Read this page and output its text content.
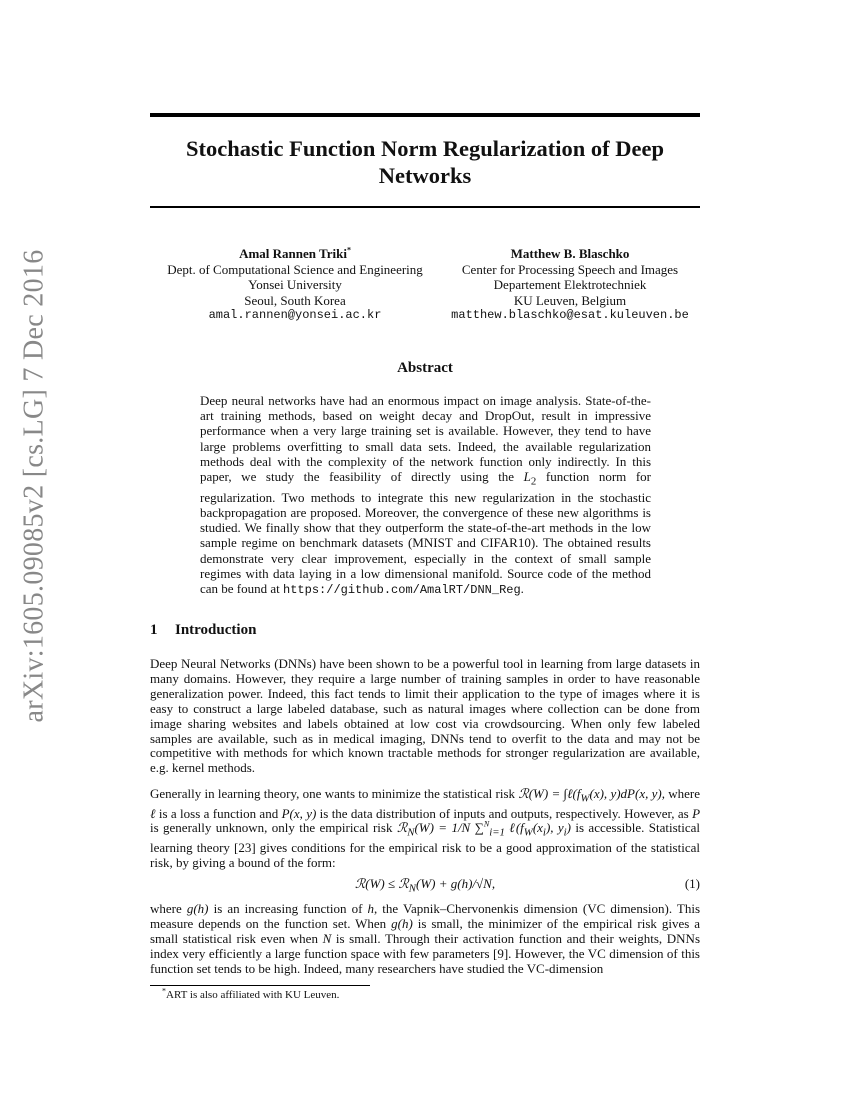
arXiv:1605.09085v2 [cs.LG] 7 Dec 2016
Stochastic Function Norm Regularization of Deep Networks
Amal Rannen Triki*
Dept. of Computational Science and Engineering
Yonsei University
Seoul, South Korea
amal.rannen@yonsei.ac.kr
Matthew B. Blaschko
Center for Processing Speech and Images
Departement Elektrotechniek
KU Leuven, Belgium
matthew.blaschko@esat.kuleuven.be
Abstract
Deep neural networks have had an enormous impact on image analysis. State-of-the-art training methods, based on weight decay and DropOut, result in impressive performance when a very large training set is available. However, they tend to have large problems overfitting to small data sets. Indeed, the available regularization methods deal with the complexity of the network function only indirectly. In this paper, we study the feasibility of directly using the $L_2$ function norm for regularization. Two methods to integrate this new regularization in the stochastic backpropagation are proposed. Moreover, the convergence of these new algorithms is studied. We finally show that they outperform the state-of-the-art methods in the low sample regime on benchmark datasets (MNIST and CIFAR10). The obtained results demonstrate very clear improvement, especially in the context of small sample regimes with data laying in a low dimensional manifold. Source code of the method can be found at https://github.com/AmalRT/DNN_Reg.
1 Introduction

Deep Neural Networks (DNNs) have been shown to be a powerful tool in learning from large datasets in many domains. However, they require a large number of training samples in order to have reasonable generalization power. Indeed, this fact tends to limit their application to the type of images where it is easy to construct a large labeled database, such as natural images where collection can be done from image sharing websites and labels obtained at low cost via crowdsourcing. When only few labeled samples are available, such as in medical imaging, DNNs tend to overfit to the data and may not be competitive with methods for which known tractable methods for stronger regularization are available, e.g. kernel methods.

Generally in learning theory, one wants to minimize the statistical risk ℛ(W) = $\int\ell(f_W(x)$, y)dP(x, y), where ℓ is a loss a function and P(x, y) is the data distribution of inputs and outputs, respectively. However, as P is generally unknown, only the empirical risk ℛ$_N$(W) = 1/N ∑$^N_{i=1}$ $\ell(f_W(x_i)$, $y_i$) is accessible. Statistical learning theory [23] gives conditions for the empirical risk to be a good approximation of the statistical risk, by giving a bound of the form:

ℛ(W) ≤ ℛ$_N$(W) + g(h)/√N,	(1)

where g(h) is an increasing function of h, the Vapnik–Chervonenkis dimension (VC dimension). This measure depends on the function set. When g(h) is small, the minimizer of the empirical risk gives a small statistical risk even when N is small. Through their activation function and their weights, DNNs index very efficiently a large function space with few parameters [9]. However, the VC dimension of this function set tends to be high. Indeed, many researchers have studied the VC-dimension

*ART is also affiliated with KU Leuven.
